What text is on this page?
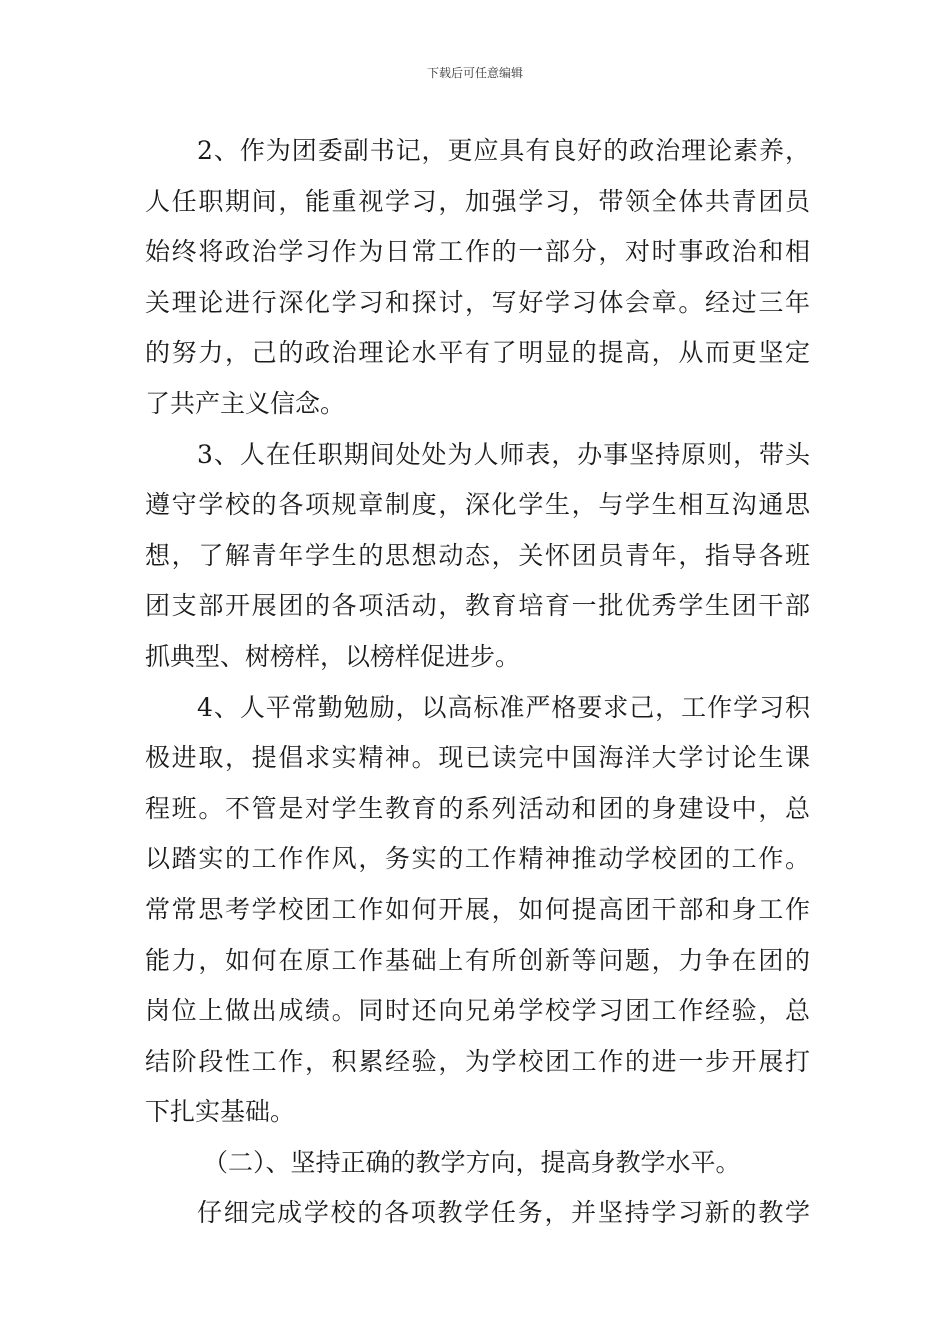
下载后可任意编辑
2、作为团委副书记，更应具有良好的政治理论素养，
人任职期间，能重视学习，加强学习，带领全体共青团员
始终将政治学习作为日常工作的一部分，对时事政治和相
关理论进行深化学习和探讨，写好学习体会章。经过三年
的努力，己的政治理论水平有了明显的提高，从而更坚定
了共产主义信念。
3、人在任职期间处处为人师表，办事坚持原则，带头
遵守学校的各项规章制度，深化学生，与学生相互沟通思
想，了解青年学生的思想动态，关怀团员青年，指导各班
团支部开展团的各项活动，教育培育一批优秀学生团干部
抓典型、树榜样，以榜样促进步。
4、人平常勤勉励，以高标准严格要求己，工作学习积
极进取，提倡求实精神。现已读完中国海洋大学讨论生课
程班。不管是对学生教育的系列活动和团的身建设中，总
以踏实的工作作风，务实的工作精神推动学校团的工作。
常常思考学校团工作如何开展，如何提高团干部和身工作
能力，如何在原工作基础上有所创新等问题，力争在团的
岗位上做出成绩。同时还向兄弟学校学习团工作经验，总
结阶段性工作，积累经验，为学校团工作的进一步开展打
下扎实基础。
（二）、坚持正确的教学方向，提高身教学水平。
仔细完成学校的各项教学任务，并坚持学习新的教学
